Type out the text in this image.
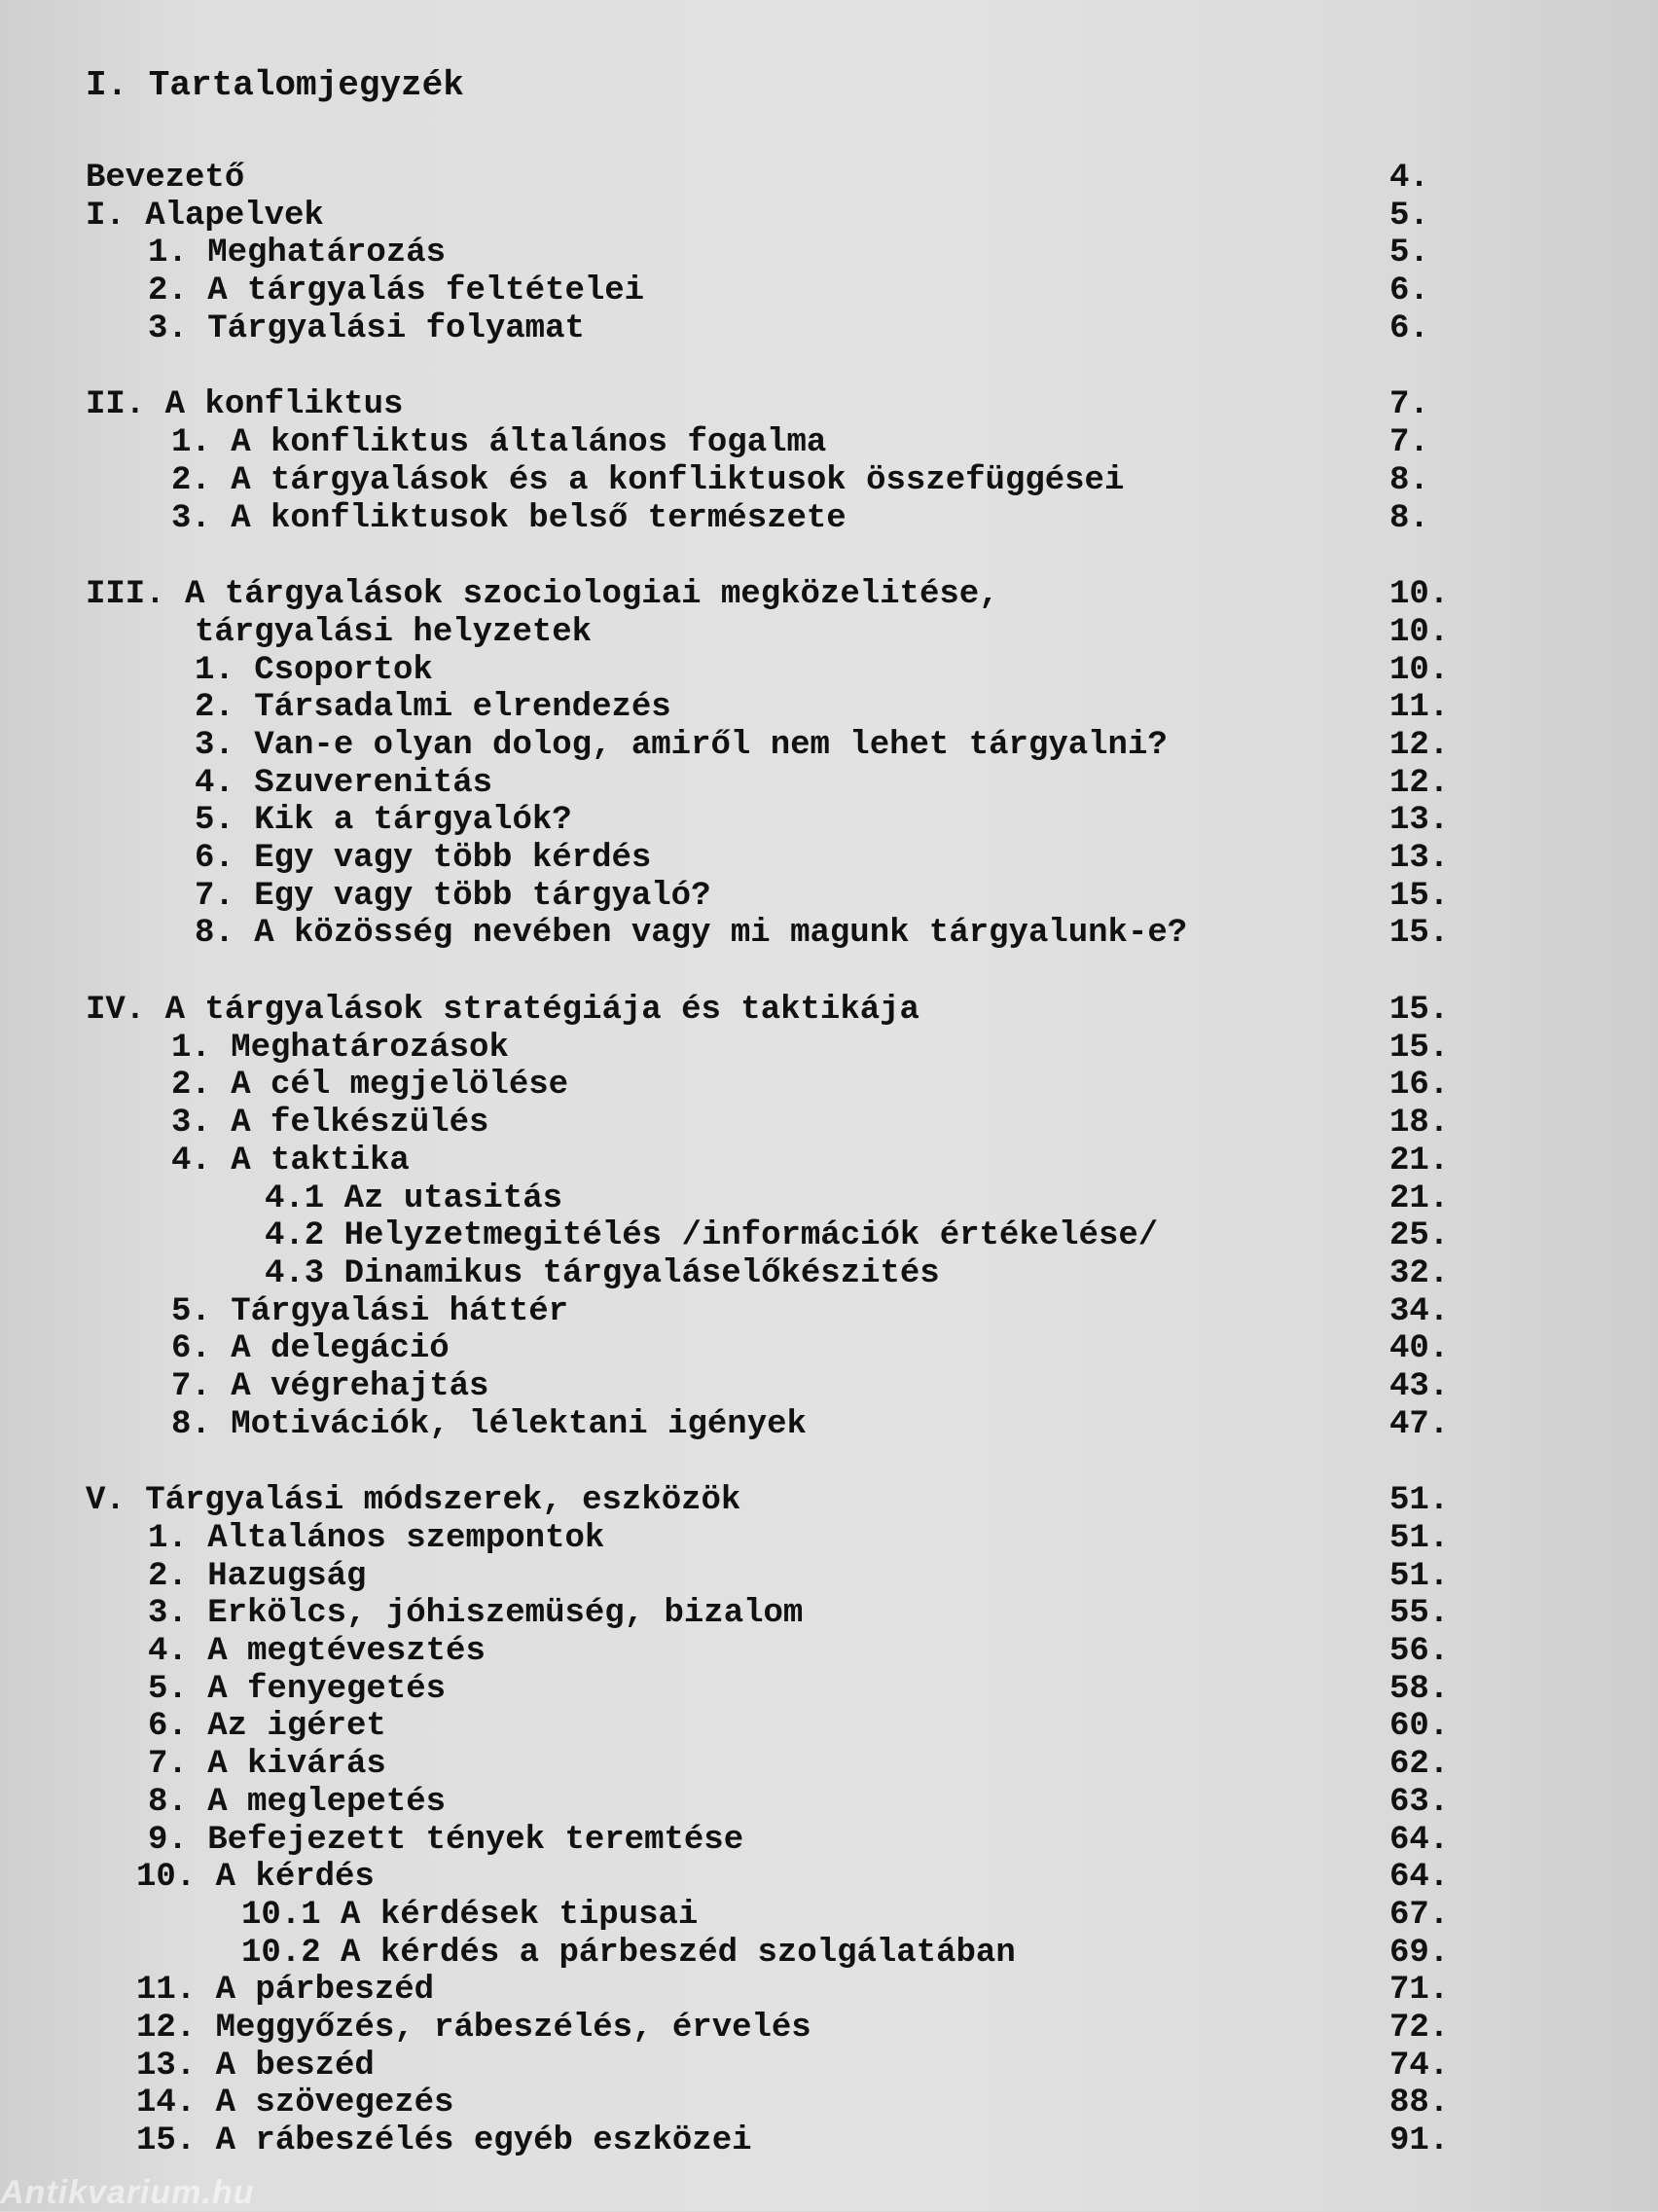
I. Tartalomjegyzék
Bevezető	4.
I. Alapelvek	5.
1. Meghatározás	5.
2. A tárgyalás feltételei	6.
3. Tárgyalási folyamat	6.
II. A konfliktus	7.
1. A konfliktus általános fogalma	7.
2. A tárgyalások és a konfliktusok összefüggései	8.
3. A konfliktusok belső természete	8.
III. A tárgyalások szociologiai megközelitése,	10.
tárgyalási helyzetek	10.
1. Csoportok	10.
2. Társadalmi elrendezés	11.
3. Van-e olyan dolog, amiről nem lehet tárgyalni?	12.
4. Szuverenitás	12.
5. Kik a tárgyalók?	13.
6. Egy vagy több kérdés	13.
7. Egy vagy több tárgyaló?	15.
8. A közösség nevében vagy mi magunk tárgyalunk-e?	15.
IV. A tárgyalások stratégiája és taktikája	15.
1. Meghatározások	15.
2. A cél megjelölése	16.
3. A felkészülés	18.
4. A taktika	21.
4.1 Az utasitás	21.
4.2 Helyzetmegitélés /információk értékelése/	25.
4.3 Dinamikus tárgyaláselőkészités	32.
5. Tárgyalási háttér	34.
6. A delegáció	40.
7. A végrehajtás	43.
8. Motivációk, lélektani igények	47.
V. Tárgyalási módszerek, eszközök	51.
1. Altalános szempontok	51.
2. Hazugság	51.
3. Erkölcs, jóhiszemüség, bizalom	55.
4. A megtévesztés	56.
5. A fenyegetés	58.
6. Az igéret	60.
7. A kivárás	62.
8. A meglepetés	63.
9. Befejezett tények teremtése	64.
10. A kérdés	64.
10.1 A kérdések tipusai	67.
10.2 A kérdés a párbeszéd szolgálatában	69.
11. A párbeszéd	71.
12. Meggyőzés, rábeszélés, érvelés	72.
13. A beszéd	74.
14. A szövegezés	88.
15. A rábeszélés egyéb eszközei	91.
Antikvarium.hu
